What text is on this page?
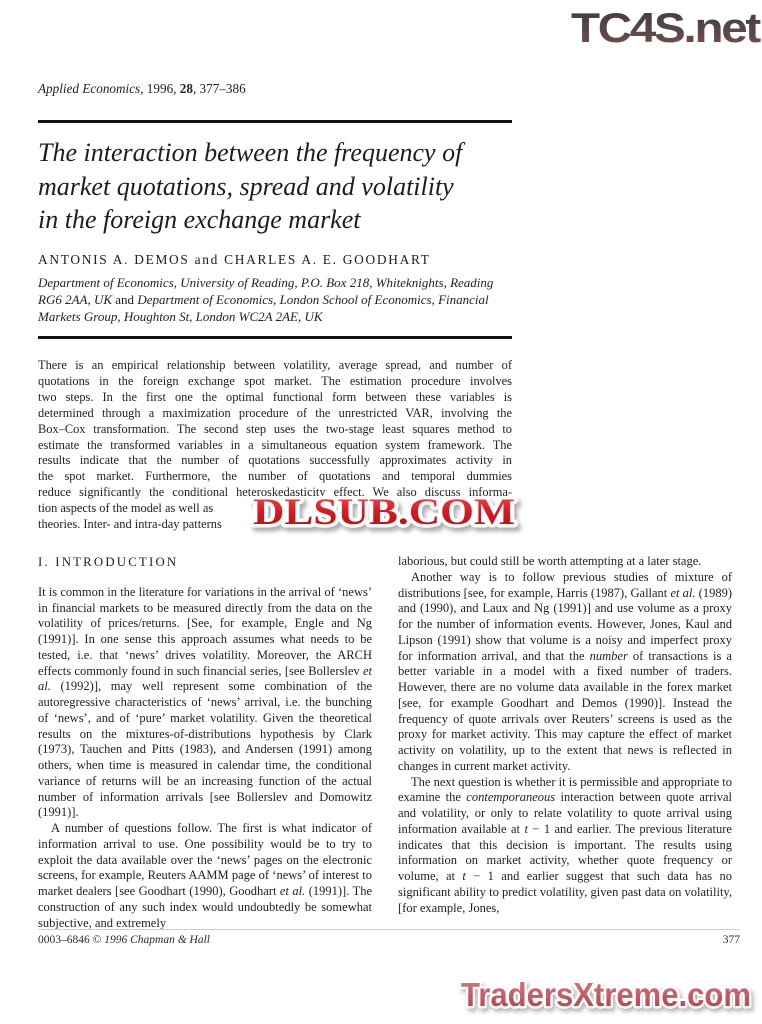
TC4S.net
Applied Economics, 1996, 28, 377–386
The interaction between the frequency of
market quotations, spread and volatility
in the foreign exchange market
ANTONIS A. DEMOS and CHARLES A. E. GOODHART
Department of Economics, University of Reading, P.O. Box 218, Whiteknights, Reading RG6 2AA, UK and Department of Economics, London School of Economics, Financial Markets Group, Houghton St, London WC2A 2AE, UK
There is an empirical relationship between volatility, average spread, and number of
quotations in the foreign exchange spot market. The estimation procedure involves
two steps. In the first one the optimal functional form between these variables is
determined through a maximization procedure of the unrestricted VAR, involving the
Box–Cox transformation. The second step uses the two-stage least squares method to
estimate the transformed variables in a simultaneous equation system framework. The
results indicate that the number of quotations successfully approximates activity in
the spot market. Furthermore, the number of quotations and temporal dummies
reduce significantly the conditional heteroskedasticity effect. We also discuss informa-
tion aspects of the model as well as
theories. Inter- and intra-day patterns DLSUB.COM
I. INTRODUCTION

It is common in the literature for variations in the arrival of ‘news’ in financial markets to be measured directly from the data on the volatility of prices/returns. [See, for example, Engle and Ng (1991)]. In one sense this approach assumes what needs to be tested, i.e. that ‘news’ drives volatility. Moreover, the ARCH effects commonly found in such financial series, [see Bollerslev et al. (1992)], may well represent some combination of the autoregressive characteristics of ‘news’ arrival, i.e. the bunching of ‘news’, and of ‘pure’ market volatility. Given the theoretical results on the mixtures-of-distributions hypothesis by Clark (1973), Tauchen and Pitts (1983), and Andersen (1991) among others, when time is measured in calendar time, the conditional variance of returns will be an increasing function of the actual number of information arrivals [see Bollerslev and Domowitz (1991)].

A number of questions follow. The first is what indicator of information arrival to use. One possibility would be to try to exploit the data available over the ‘news’ pages on the electronic screens, for example, Reuters AAMM page of ‘news’ of interest to market dealers [see Goodhart (1990), Goodhart et al. (1991)]. The construction of any such index would undoubtedly be somewhat subjective, and extremely

laborious, but could still be worth attempting at a later stage.

Another way is to follow previous studies of mixture of distributions [see, for example, Harris (1987), Gallant et al. (1989) and (1990), and Laux and Ng (1991)] and use volume as a proxy for the number of information events. However, Jones, Kaul and Lipson (1991) show that volume is a noisy and imperfect proxy for information arrival, and that the number of transactions is a better variable in a model with a fixed number of traders. However, there are no volume data available in the forex market [see, for example Goodhart and Demos (1990)]. Instead the frequency of quote arrivals over Reuters’ screens is used as the proxy for market activity. This may capture the effect of market activity on volatility, up to the extent that news is reflected in changes in current market activity.

The next question is whether it is permissible and appropriate to examine the contemporaneous interaction between quote arrival and volatility, or only to relate volatility to quote arrival using information available at t − 1 and earlier. The previous literature indicates that this decision is important. The results using information on market activity, whether quote frequency or volume, at t − 1 and earlier suggest that such data has no significant ability to predict volatility, given past data on volatility, [for example, Jones,

0003–6846 © 1996 Chapman & Hall	377
TradersXtreme.com
